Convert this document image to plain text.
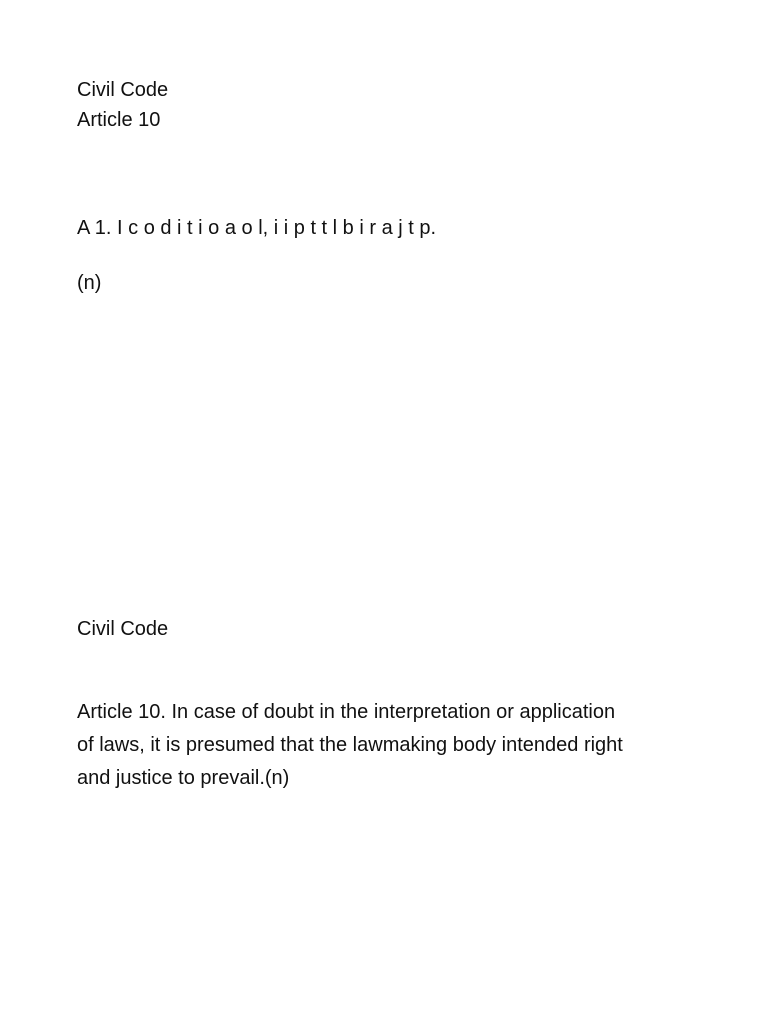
Civil Code
Article 10
A 1. I c o d i t i o a o l, i i p t t l b i r a j t p.
(n)
Civil Code
Article 10. In case of doubt in the interpretation or application
of laws, it is presumed that the lawmaking body intended right
and justice to prevail.(n)
